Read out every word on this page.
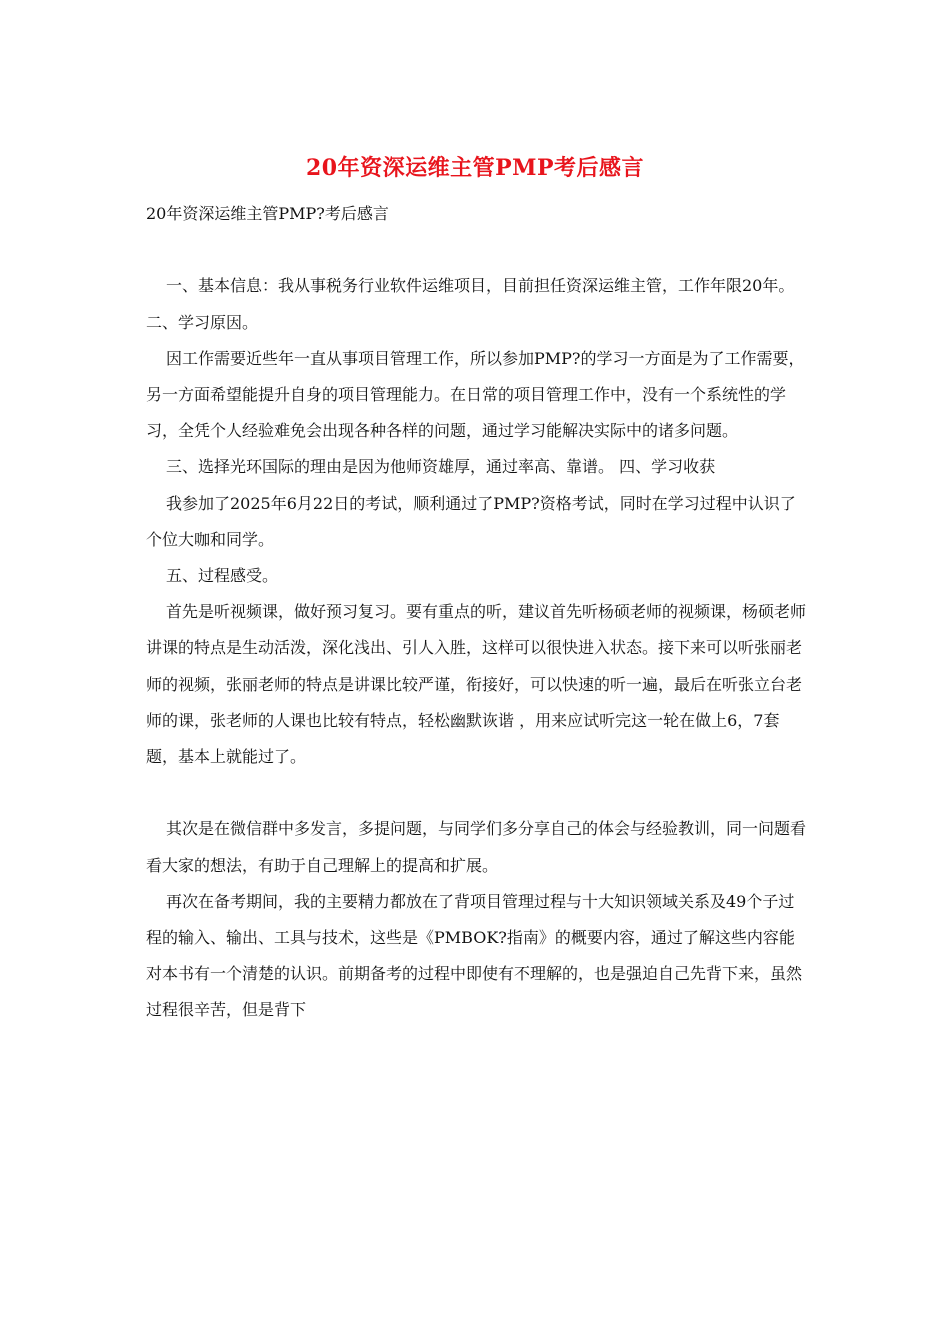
20年资深运维主管PMP考后感言

20年资深运维主管PMP?考后感言

一、基本信息：我从事税务行业软件运维项目，目前担任资深运维主管，工作年限20年。 二、学习原因。

因工作需要近些年一直从事项目管理工作，所以参加PMP?的学习一方面是为了工作需要，另一方面希望能提升自身的项目管理能力。在日常的项目管理工作中，没有一个系统性的学习，全凭个人经验难免会出现各种各样的问题，通过学习能解决实际中的诸多问题。

三、选择光环国际的理由是因为他师资雄厚，通过率高、靠谱。 四、学习收获

我参加了2025年6月22日的考试，顺利通过了PMP?资格考试，同时在学习过程中认识了个位大咖和同学。

五、过程感受。

首先是听视频课，做好预习复习。要有重点的听，建议首先听杨硕老师的视频课，杨硕老师讲课的特点是生动活泼，深化浅出、引人入胜，这样可以很快进入状态。接下来可以听张丽老师的视频，张丽老师的特点是讲课比较严谨，衔接好，可以快速的听一遍，最后在听张立台老师的课，张老师的人课也比较有特点，轻松幽默诙谐 ，用来应试听完这一轮在做上6，7套题，基本上就能过了。

其次是在微信群中多发言，多提问题，与同学们多分享自己的体会与经验教训，同一问题看看大家的想法，有助于自己理解上的提高和扩展。

再次在备考期间，我的主要精力都放在了背项目管理过程与十大知识领域关系及49个子过程的输入、输出、工具与技术，这些是《PMBOK?指南》的概要内容，通过了解这些内容能对本书有一个清楚的认识。前期备考的过程中即使有不理解的，也是强迫自己先背下来，虽然过程很辛苦，但是背下
